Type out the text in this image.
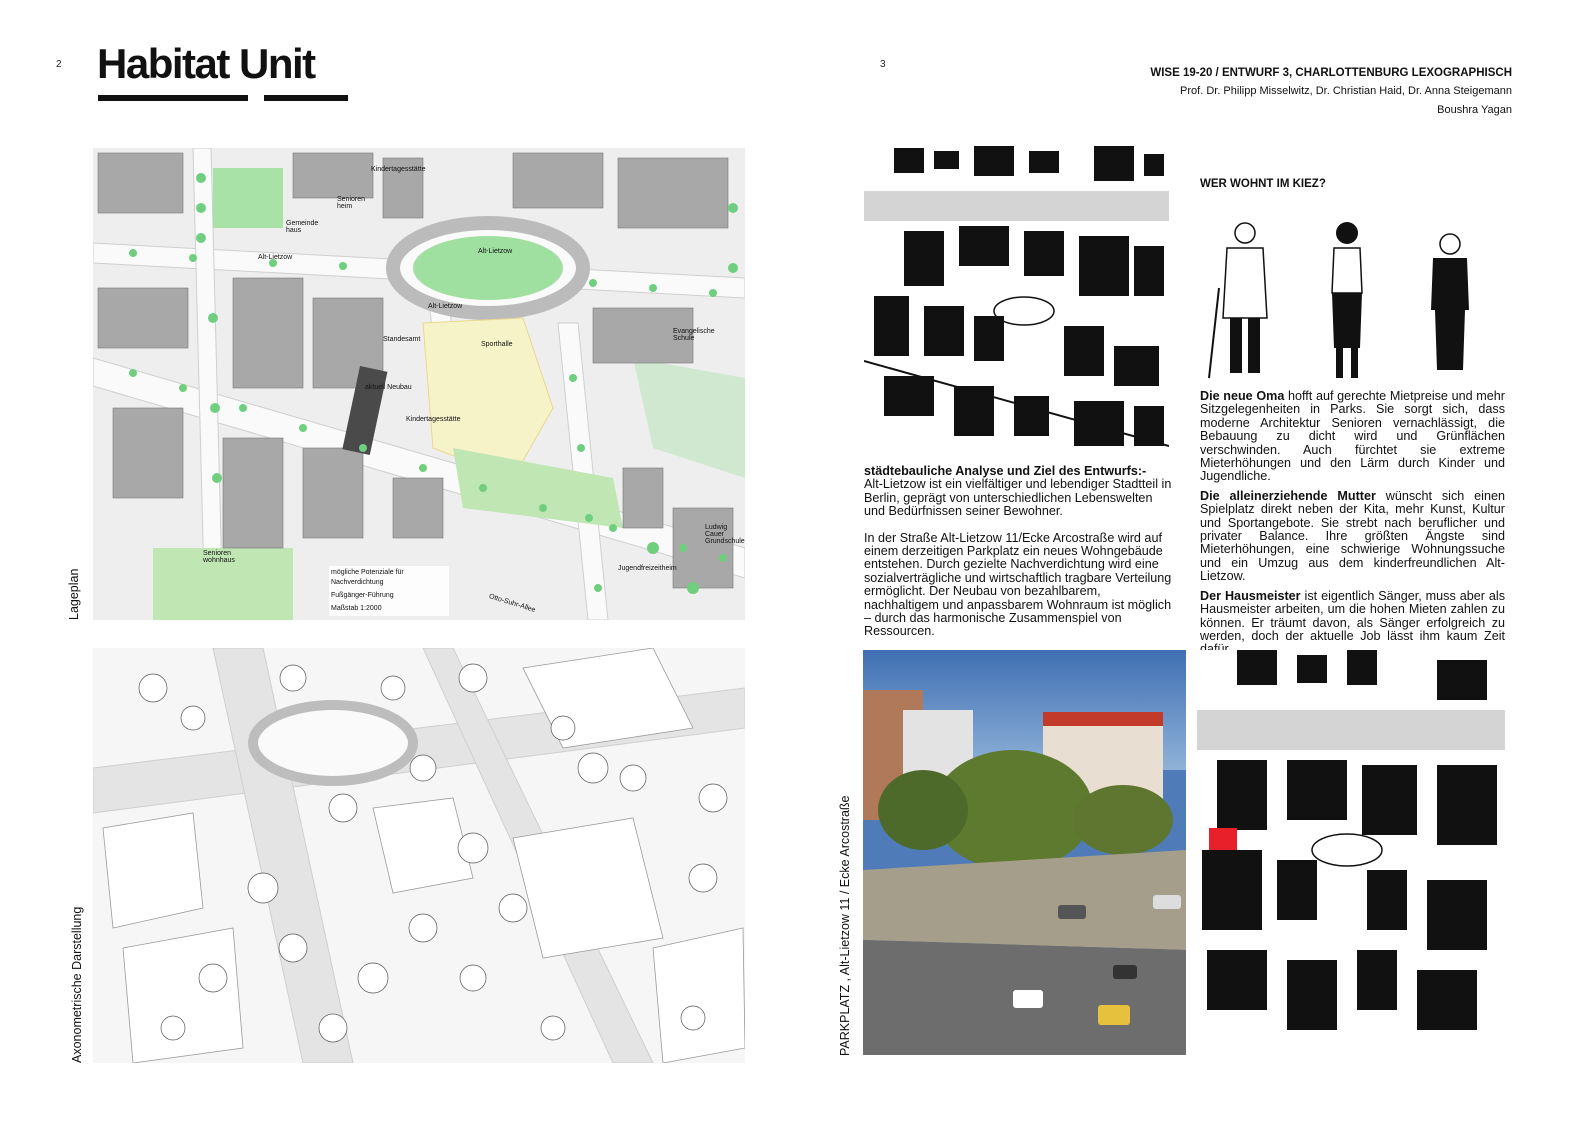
2	3
Habitat Unit	WISE 19-20 / ENTWURF 3, CHARLOTTENBURG LEXOGRAPHISCH
Prof. Dr. Philipp Misselwitz, Dr. Christian Haid, Dr. Anna Steigemann
Boushra Yagan
Lageplan
Kindertagesstätte
Senioren heim
Gemeinde haus
Alt-Lietzow
Alt-Lietzow
Alt-Lietzow
Standesamt
Sporthalle
Evangelische Schule
aktuell Neubau
Kindertagesstätte
Ludwig Cauer Grundschule
Jugendfreizeitheim
Senioren wohnhaus
Otto-Suhr-Allee
mögliche Potenziale für Nachverdichtung
Fußgänger-Führung
Maßstab 1:2000
Axonometrische Darstellung

städtebauliche Analyse und Ziel des Entwurfs:-

Alt-Lietzow ist ein vielfältiger und lebendiger Stadtteil in Berlin, geprägt von unterschiedlichen Lebenswelten und Bedürfnissen seiner Bewohner.

In der Straße Alt-Lietzow 11/Ecke Arcostraße wird auf einem derzeitigen Parkplatz ein neues Wohngebäude entstehen. Durch gezielte Nachverdichtung wird eine sozialverträgliche und wirtschaftlich tragbare Verteilung ermöglicht. Der Neubau von bezahlbarem, nachhaltigem und anpassbarem Wohnraum ist möglich – durch das harmonische Zusammenspiel von Ressourcen.

WER WOHNT IM KIEZ?

Die neue Oma hofft auf gerechte Mietpreise und mehr Sitzgelegenheiten in Parks. Sie sorgt sich, dass moderne Architektur Senioren vernachlässigt, die Bebauung zu dicht wird und Grünflächen verschwinden. Auch fürchtet sie extreme Mieterhöhungen und den Lärm durch Kinder und Jugendliche.

Die alleinerziehende Mutter wünscht sich einen Spielplatz direkt neben der Kita, mehr Kunst, Kultur und Sportangebote. Sie strebt nach beruflicher und privater Balance. Ihre größten Ängste sind Mieterhöhungen, eine schwierige Wohnungssuche und ein Umzug aus dem kinderfreundlichen Alt-Lietzow.

Der Hausmeister ist eigentlich Sänger, muss aber als Hausmeister arbeiten, um die hohen Mieten zahlen zu können. Er träumt davon, als Sänger erfolgreich zu werden, doch der aktuelle Job lässt ihm kaum Zeit

PARKPLATZ , Alt-Lietzow 11 / Ecke Arcostraße
